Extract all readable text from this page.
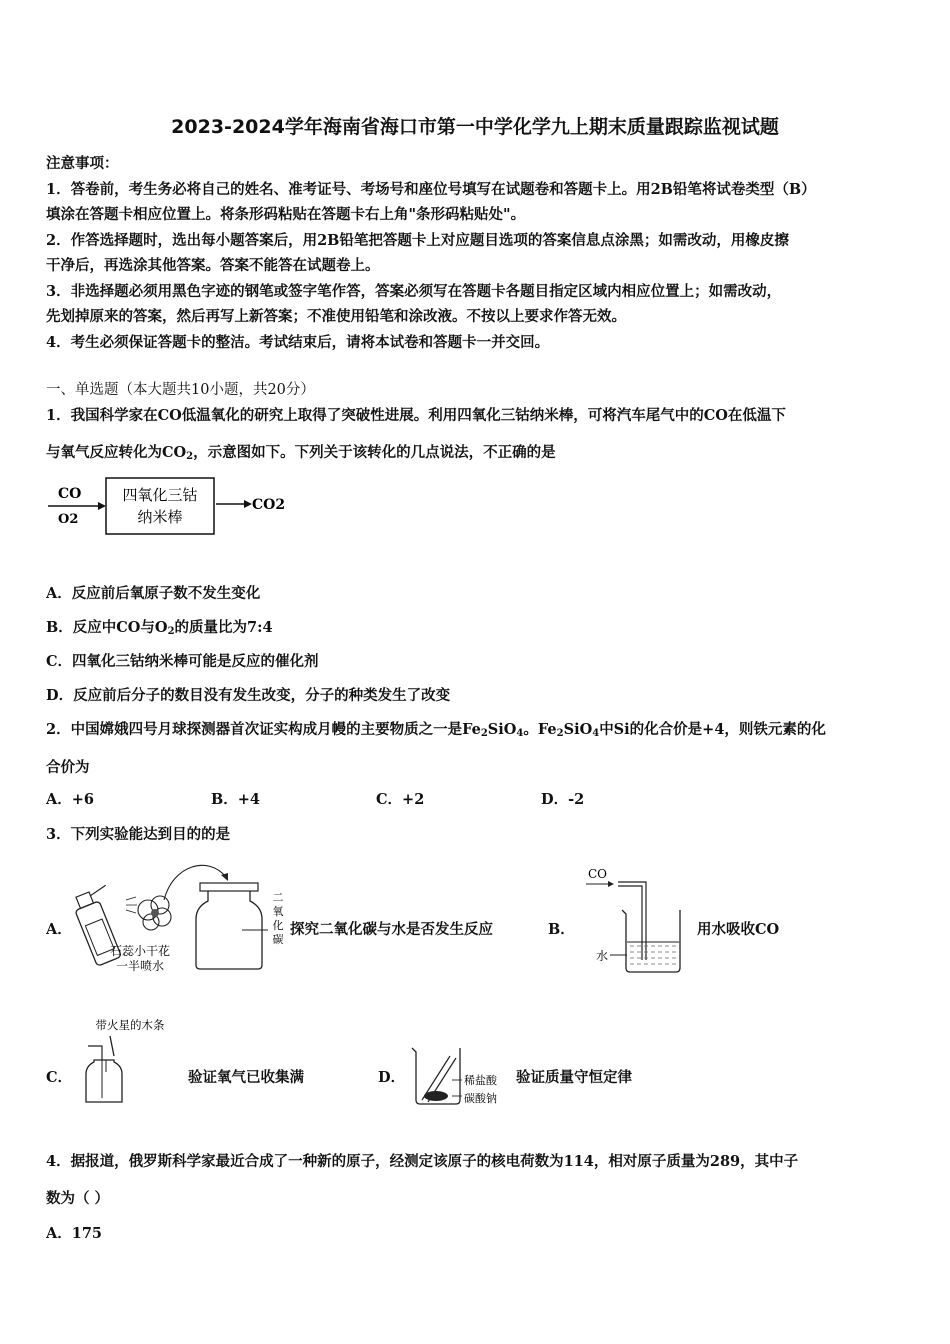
2023-2024学年海南省海口市第一中学化学九上期末质量跟踪监视试题
注意事项：
1．答卷前，考生务必将自己的姓名、准考证号、考场号和座位号填写在试题卷和答题卡上。用2B铅笔将试卷类型（B）
填涂在答题卡相应位置上。将条形码粘贴在答题卡右上角"条形码粘贴处"。
2．作答选择题时，选出每小题答案后，用2B铅笔把答题卡上对应题目选项的答案信息点涂黑；如需改动，用橡皮擦
干净后，再选涂其他答案。答案不能答在试题卷上。
3．非选择题必须用黑色字迹的钢笔或签字笔作答，答案必须写在答题卡各题目指定区域内相应位置上；如需改动，
先划掉原来的答案，然后再写上新答案；不准使用铅笔和涂改液。不按以上要求作答无效。
4．考生必须保证答题卡的整洁。考试结束后，请将本试卷和答题卡一并交回。
一、单选题（本大题共10小题，共20分）
1．我国科学家在CO低温氧化的研究上取得了突破性进展。利用四氧化三钴纳米棒，可将汽车尾气中的CO在低温下
与氧气反应转化为$CO_2$，示意图如下。下列关于该转化的几点说法，不正确的是
CO
O2
四氧化三钴
纳米棒
CO2
A．反应前后氧原子数不发生变化
B．反应中CO与$O_2$的质量比为7:4
C．四氧化三钴纳米棒可能是反应的催化剂
D．反应前后分子的数目没有发生改变，分子的种类发生了改变
2．中国嫦娥四号月球探测器首次证实构成月幔的主要物质之一是$Fe_2SiO_4$。$Fe_2SiO_4$中Si的化合价是+4，则铁元素的化
合价为
A．+6	B．+4	C．+2	D．-2
3．下列实验能达到目的的是
A．
石蕊小干花
一半喷水
二
氧
化
碳
探究二氧化碳与水是否发生反应	B．
CO
水
用水吸收CO
C．
带火星的木条
验证氧气已收集满	D．	稀盐酸
碳酸钠
验证质量守恒定律
4．据报道，俄罗斯科学家最近合成了一种新的原子，经测定该原子的核电荷数为114，相对原子质量为289，其中子
数为（ ）
A．175
